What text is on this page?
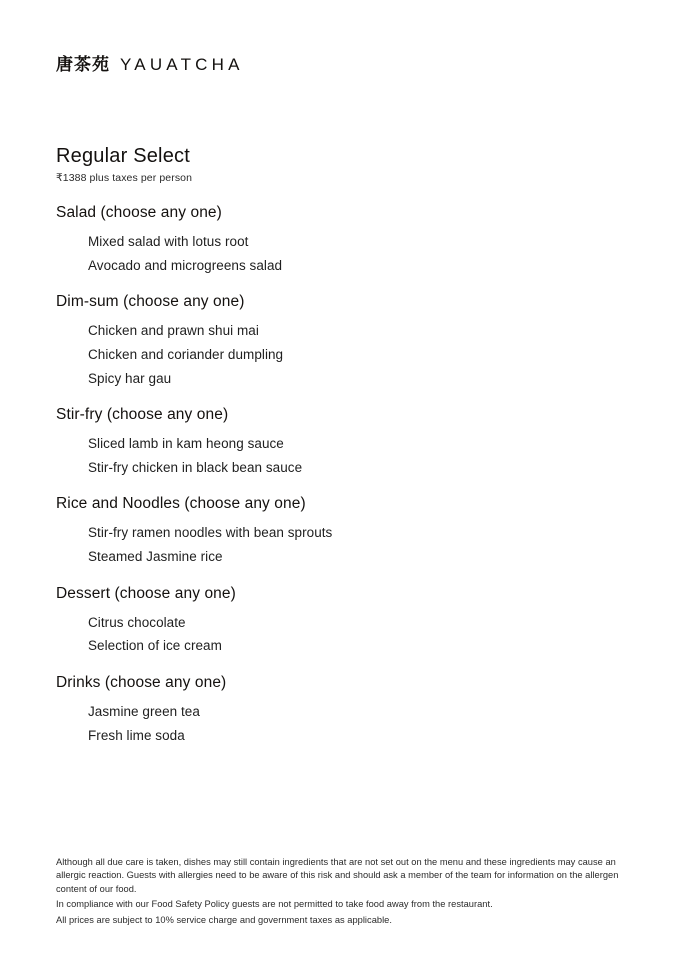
唐茶苑 YAUATCHA
Regular Select

₹1388 plus taxes per person

Salad (choose any one)
Mixed salad with lotus root
Avocado and microgreens salad
Dim-sum (choose any one)
Chicken and prawn shui mai
Chicken and coriander dumpling
Spicy har gau
Stir-fry (choose any one)
Sliced lamb in kam heong sauce
Stir-fry chicken in black bean sauce
Rice and Noodles (choose any one)
Stir-fry ramen noodles with bean sprouts
Steamed Jasmine rice
Dessert (choose any one)
Citrus chocolate
Selection of ice cream
Drinks (choose any one)
Jasmine green tea
Fresh lime soda

Although all due care is taken, dishes may still contain ingredients that are not set out on the menu and these ingredients may cause an allergic reaction. Guests with allergies need to be aware of this risk and should ask a member of the team for information on the allergen content of our food.

In compliance with our Food Safety Policy guests are not permitted to take food away from the restaurant.

All prices are subject to 10% service charge and government taxes as applicable.
